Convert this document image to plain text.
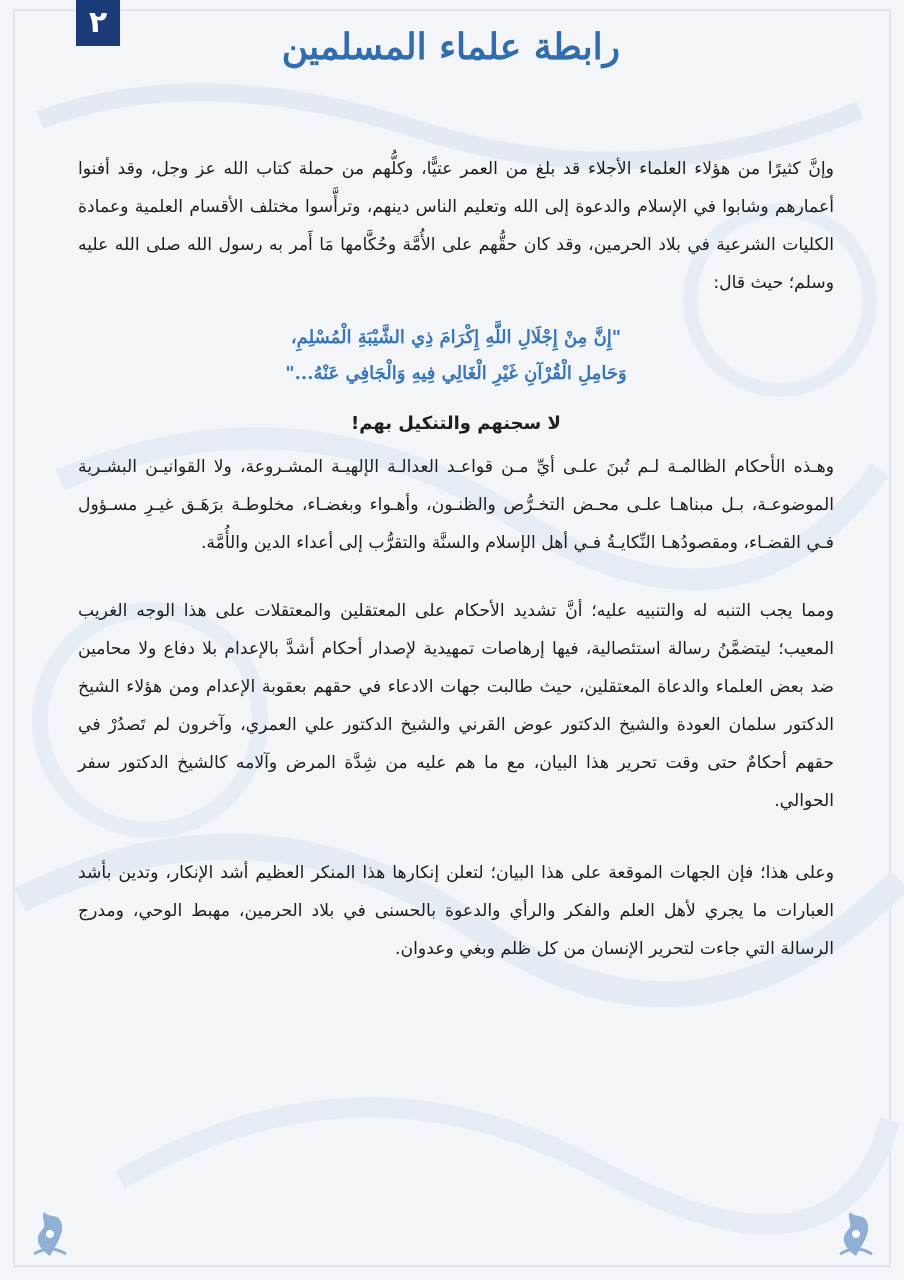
٢
رابطة علماء المسلمين

وإنَّ كثيرًا من هؤلاء العلماء الأجلاء قد بلغ من العمر عتيًّا، وكلُّهم من حملة كتاب الله عز وجل، وقد أفنوا أعمارهم وشابوا في الإسلام والدعوة إلى الله وتعليم الناس دينهم، وترأَّسوا مختلف الأقسام العلمية وعمادة الكليات الشرعية في بلاد الحرمين، وقد كان حقُّهم على الأُمَّة وحُكَّامها مَا أَمر به رسول الله صلى الله عليه وسلم؛ حيث قال:

"إِنَّ مِنْ إِجْلَالِ اللَّهِ إِكْرَامَ ذِي الشَّيْبَةِ الْمُسْلِمِ،
وَحَامِلِ الْقُرْآنِ غَيْرِ الْغَالِي فِيهِ وَالْجَافِي عَنْهُ..."
لا سجنهم والتنكيل بهم!

وهـذه الأحكام الظالمـة لـم تُبنَ علـى أيِّ مـن قواعـد العدالـة الإلهيـة المشـروعة، ولا القوانيـن البشـرية الموضوعـة، بـل مبناهـا علـى محـض التخـرُّص والظنـون، وأهـواء وبغضـاء، مخلوطـة برَهَـق غيـرِ مسـؤول فـي القضـاء، ومقصودُهـا النِّكايـةُ فـي أهل الإسلام والسنَّة والتقرُّب إلى أعداء الدين والأُمَّة.

ومما يجب التنبه له والتنبيه عليه؛ أنَّ تشديد الأحكام على المعتقلين والمعتقلات على هذا الوجه الغريب المعيب؛ ليتضمَّنُ رسالة استئصالية، فيها إرهاصات تمهيدية لإصدار أحكام أشدَّ بالإعدام بلا دفاع ولا محامين ضد بعض العلماء والدعاة المعتقلين، حيث طالبت جهات الادعاء في حقهم بعقوبة الإعدام ومن هؤلاء الشيخ الدكتور سلمان العودة والشيخ الدكتور عوض القرني والشيخ الدكتور علي العمري، وآخرون لم تَصدُرْ في حقهم أحكامٌ حتى وقت تحرير هذا البيان، مع ما هم عليه من شِدَّة المرض وآلامه كالشيخ الدكتور سفر الحوالي.

وعلى هذا؛ فإن الجهات الموقعة على هذا البيان؛ لتعلن إنكارها هذا المنكر العظيم أشد الإنكار، وتدين بأشد العبارات ما يجري لأهل العلم والفكر والرأي والدعوة بالحسنى في بلاد الحرمين، مهبط الوحي، ومدرج الرسالة التي جاءت لتحرير الإنسان من كل ظلم وبغي وعدوان.
